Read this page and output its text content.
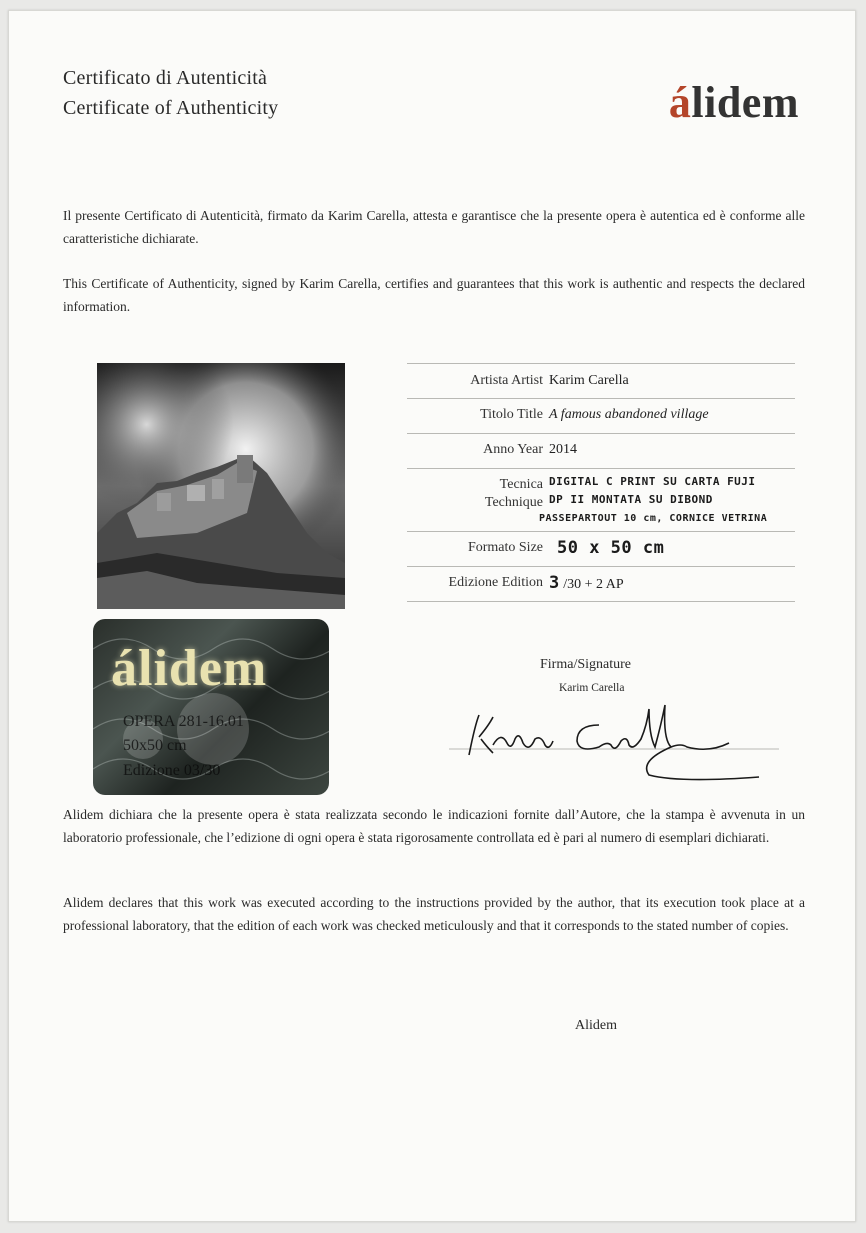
Certificato di Autenticità
Certificate of Authenticity	álidem
Il presente Certificato di Autenticità, firmato da Karim Carella, attesta e garantisce che la presente opera è autentica ed è conforme alle caratteristiche dichiarate.
This Certificate of Authenticity, signed by Karim Carella, certifies and guarantees that this work is authentic and respects the declared information.
álidem
OPERA 281-16.01
50x50 cm
Edizione 03/30
Artista Artist Karim Carella
Titolo Title A famous abandoned village
Anno Year 2014
Tecnica
Technique
DIGITAL C PRINT SU CARTA FUJI
DP II MONTATA SU DIBOND
PASSEPARTOUT 10 cm, CORNICE VETRINA
Formato Size 50 x 50 cm
Edizione Edition 3 /30 + 2 AP
Firma/Signature
Karim Carella
Alidem dichiara che la presente opera è stata realizzata secondo le indicazioni fornite dall’Autore, che la stampa è avvenuta in un laboratorio professionale, che l’edizione di ogni opera è stata rigorosamente controllata ed è pari al numero di esemplari dichiarati.
Alidem declares that this work was executed according to the instructions provided by the author, that its execution took place at a professional laboratory, that the edition of each work was checked meticulously and that it corresponds to the stated number of copies.
Alidem
